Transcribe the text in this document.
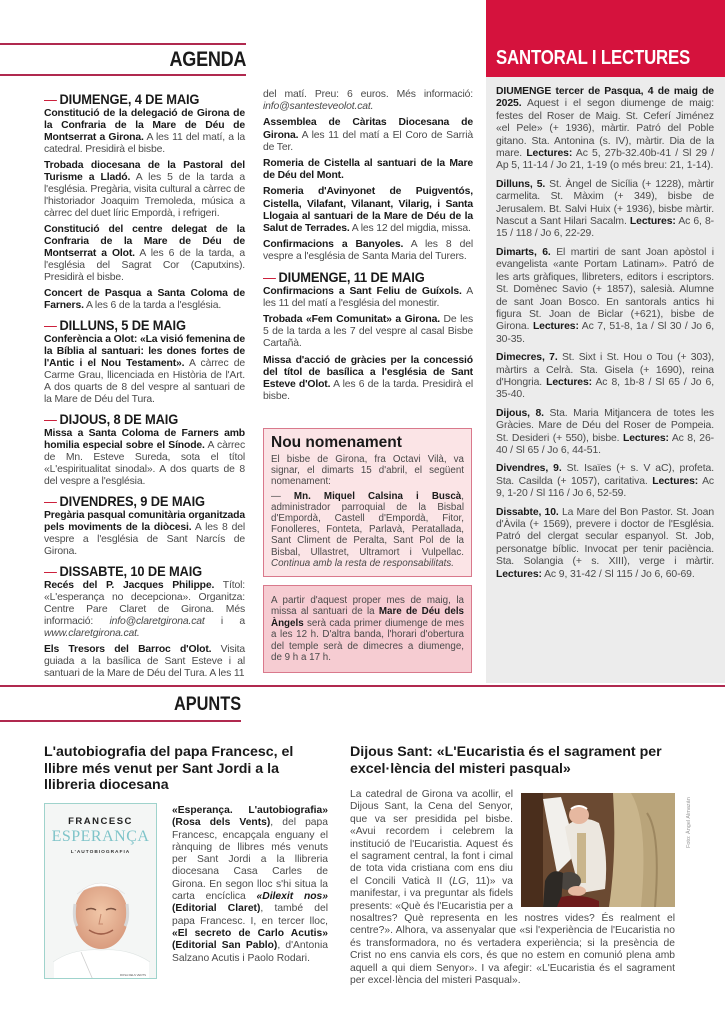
AGENDA
— DIUMENGE, 4 DE MAIG
Constitució de la delegació de Girona de la Confraria de la Mare de Déu de Montserrat a Girona. A les 11 del matí, a la catedral. Presidirà el bisbe.
Trobada diocesana de la Pastoral del Turisme a Lladó. A les 5 de la tarda a l'església. Pregària, visita cultural a càrrec de l'historiador Joaquim Tremoleda, música a càrrec del duet líric Empordà, i refrigeri.
Constitució del centre delegat de la Confraria de la Mare de Déu de Montserrat a Olot. A les 6 de la tarda, a l'església del Sagrat Cor (Caputxins). Presidirà el bisbe.
Concert de Pasqua a Santa Coloma de Farners. A les 6 de la tarda a l'església.
— DILLUNS, 5 DE MAIG
Conferència a Olot: «La visió femenina de la Bíblia al santuari: les dones fortes de l'Antic i el Nou Testament». A càrrec de Carme Grau, llicenciada en Història de l'Art. A dos quarts de 8 del vespre al santuari de la Mare de Déu del Tura.
— DIJOUS, 8 DE MAIG
Missa a Santa Coloma de Farners amb homilia especial sobre el Sínode. A càrrec de Mn. Esteve Sureda, sota el títol «L'espiritualitat sinodal». A dos quarts de 8 del vespre a l'església.
— DIVENDRES, 9 DE MAIG
Pregària pasqual comunitària organitzada pels moviments de la diòcesi. A les 8 del vespre a l'església de Sant Narcís de Girona.
— DISSABTE, 10 DE MAIG
Recés del P. Jacques Philippe. Títol: «L'esperança no decepciona». Organitza: Centre Pare Claret de Girona. Més informació: info@claretgirona.cat i a www.claretgirona.cat.
Els Tresors del Barroc d'Olot. Visita guiada a la basílica de Sant Esteve i al santuari de la Mare de Déu del Tura. A les 11
del matí. Preu: 6 euros. Més informació: info@santesteveolot.cat.
Assemblea de Càritas Diocesana de Girona. A les 11 del matí a El Coro de Sarrià de Ter.
Romeria de Cistella al santuari de la Mare de Déu del Mont.
Romeria d'Avinyonet de Puigventós, Cistella, Vilafant, Vilanant, Vilarig, i Santa Llogaia al santuari de la Mare de Déu de la Salut de Terrades. A les 12 del migdia, missa.
Confirmacions a Banyoles. A les 8 del vespre a l'església de Santa Maria del Turers.
— DIUMENGE, 11 DE MAIG
Confirmacions a Sant Feliu de Guíxols. A les 11 del matí a l'església del monestir.
Trobada «Fem Comunitat» a Girona. De les 5 de la tarda a les 7 del vespre al casal Bisbe Cartañà.
Missa d'acció de gràcies per la concessió del títol de basílica a l'església de Sant Esteve d'Olot. A les 6 de la tarda. Presidirà el bisbe.
Nou nomenament

El bisbe de Girona, fra Octavi Vilà, va signar, el dimarts 15 d'abril, el següent nomenament:

— Mn. Miquel Calsina i Buscà, administrador parroquial de la Bisbal d'Empordà, Castell d'Empordà, Fitor, Fonolleres, Fonteta, Parlavà, Peratallada, Sant Climent de Peralta, Sant Pol de la Bisbal, Ullastret, Ultramort i Vulpellac. Continua amb la resta de responsabilitats.

A partir d'aquest proper mes de maig, la missa al santuari de la Mare de Déu dels Àngels serà cada primer diumenge de mes a les 12 h. D'altra banda, l'horari d'obertura del temple serà de dimecres a diumenge, de 9 h a 17 h.
SANTORAL I LECTURES

DIUMENGE tercer de Pasqua, 4 de maig de 2025. Aquest i el segon diumenge de maig: festes del Roser de Maig. St. Ceferí Jiménez «el Pele» (+ 1936), màrtir. Patró del Poble gitano. Sta. Antonina (s. IV), màrtir. Dia de la mare. Lectures: Ac 5, 27b-32.40b-41 / Sl 29 / Ap 5, 11-14 / Jo 21, 1-19 (o més breu: 21, 1-14).

Dilluns, 5. St. Àngel de Sicília (+ 1228), màrtir carmelita. St. Màxim (+ 349), bisbe de Jerusalem. Bt. Salvi Huix (+ 1936), bisbe màrtir. Nascut a Sant Hilari Sacalm. Lectures: Ac 6, 8-15 / 118 / Jo 6, 22-29.

Dimarts, 6. El martiri de sant Joan apòstol i evangelista «ante Portam Latinam». Patró de les arts gràfiques, llibreters, editors i escriptors. St. Domènec Savio (+ 1857), salesià. Alumne de sant Joan Bosco. En santorals antics hi figura St. Joan de Biclar (+621), bisbe de Girona. Lectures: Ac 7, 51-8, 1a / Sl 30 / Jo 6, 30-35.

Dimecres, 7. St. Sixt i St. Hou o Tou (+ 303), màrtirs a Celrà. Sta. Gisela (+ 1690), reina d'Hongria. Lectures: Ac 8, 1b-8 / Sl 65 / Jo 6, 35-40.

Dijous, 8. Sta. Maria Mitjancera de totes les Gràcies. Mare de Déu del Roser de Pompeia. St. Desideri (+ 550), bisbe. Lectures: Ac 8, 26-40 / Sl 65 / Jo 6, 44-51.

Divendres, 9. St. Isaïes (+ s. V aC), profeta. Sta. Casilda (+ 1057), caritativa. Lectures: Ac 9, 1-20 / Sl 116 / Jo 6, 52-59.

Dissabte, 10. La Mare del Bon Pastor. St. Joan d'Àvila (+ 1569), prevere i doctor de l'Església. Patró del clergat secular espanyol. St. Job, personatge bíblic. Invocat per tenir paciència. Sta. Solangia (+ s. XIII), verge i màrtir. Lectures: Ac 9, 31-42 / Sl 115 / Jo 6, 60-69.

APUNTS
L'autobiografia del papa Francesc, el llibre més venut per Sant Jordi a la llibreria diocesana
FRANCESC
ESPERANÇA
L'AUTOBIOGRAFIA
ROSA DELS VENTS
«Esperança. L'autobiografia» (Rosa dels Vents), del papa Francesc, encapçala enguany el rànquing de llibres més venuts per Sant Jordi a la llibreria diocesana Casa Carles de Girona. En segon lloc s'hi situa la carta encíclica «Dilexit nos» (Editorial Claret), també del papa Francesc. I, en tercer lloc, «El secreto de Carlo Acutis» (Editorial San Pablo), d'Antonia Salzano Acutis i Paolo Rodari.
Dijous Sant: «L'Eucaristia és el sagrament per excel·lència del misteri pasqual»
La catedral de Girona va acollir, el Dijous Sant, la Cena del Senyor, que va ser presidida pel bisbe. «Avui recordem i celebrem la institució de l'Eucaristia. Aquest és el sagrament central, la font i cimal de tota vida cristiana com ens diu el Concili Vaticà II (LG, 11)» va manifestar, i va preguntar als fidels presents: «Què és l'Eucaristia per a nosaltres? Què representa en les nostres vides? És realment el centre?». Alhora, va assenyalar que «si l'experiència de l'Eucaristia no és transformadora, no és vertadera experiència; si la presència de Crist no ens canvia els cors, és que no estem en comunió plena amb aquell a qui diem Senyor». I va afegir: «L'Eucaristia és el sagrament per excel·lència del misteri Pasqual».
Foto: Àngel Almazán
